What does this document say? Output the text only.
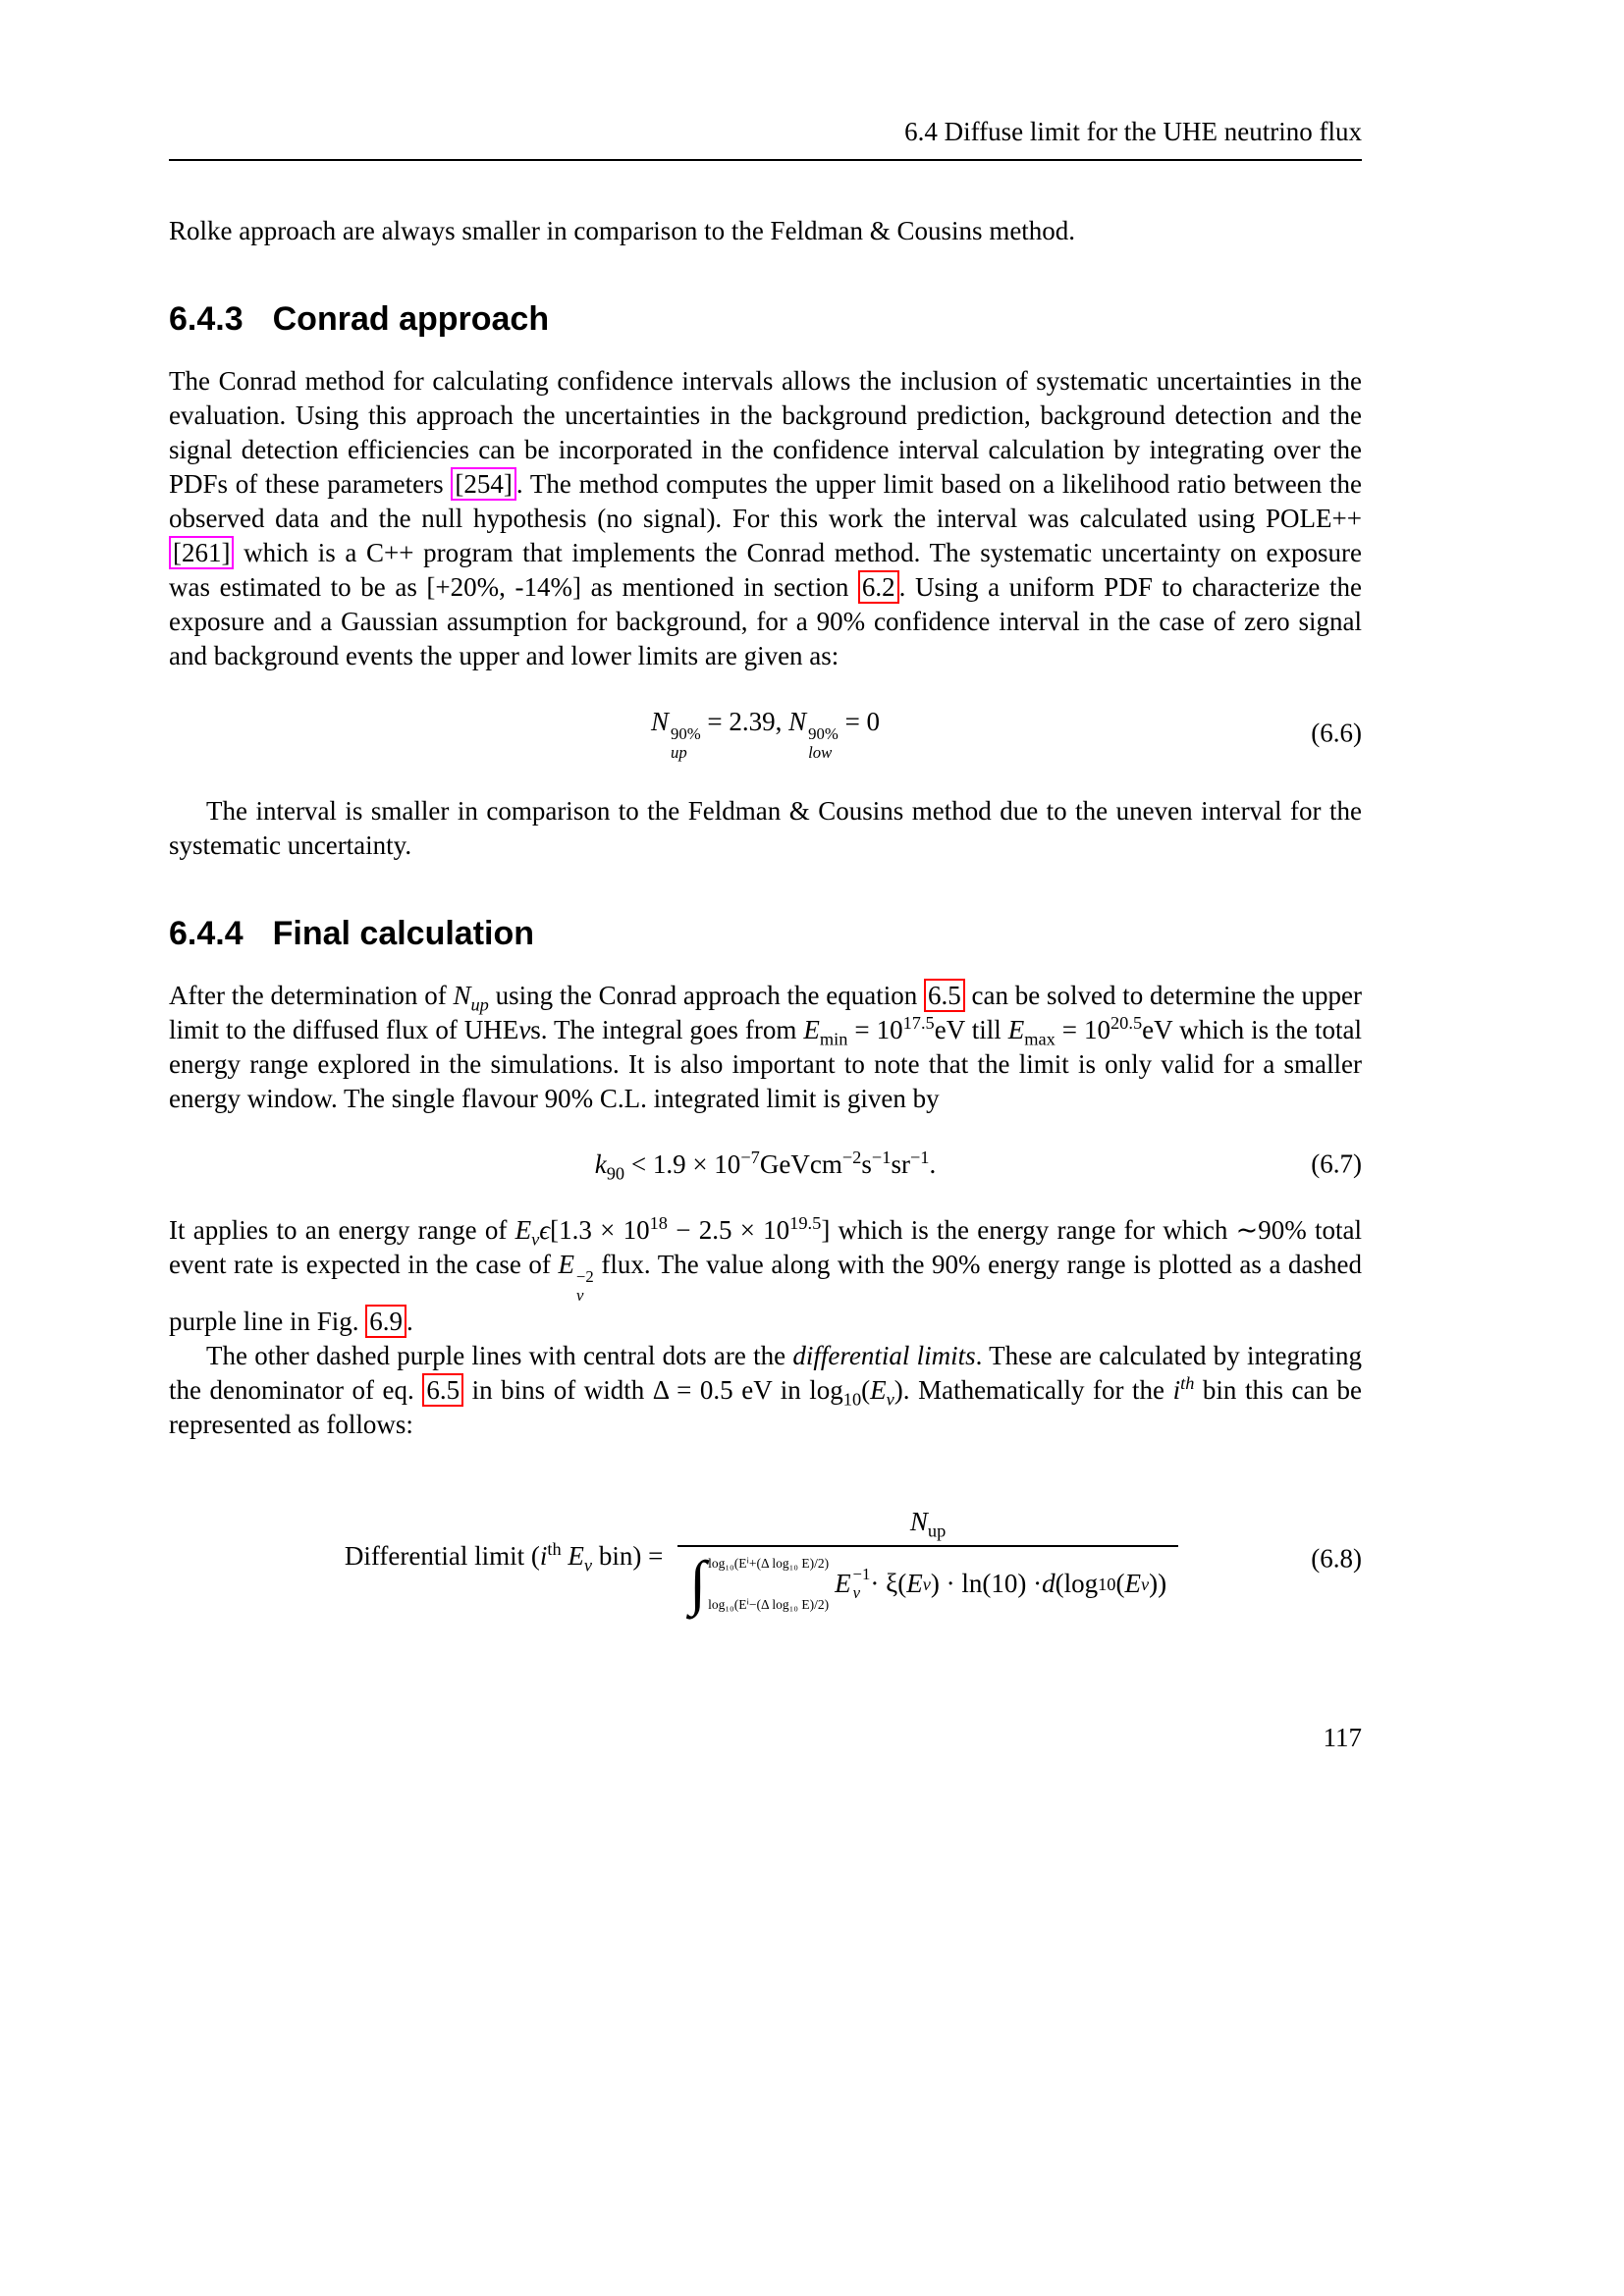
6.4 Diffuse limit for the UHE neutrino flux

Rolke approach are always smaller in comparison to the Feldman & Cousins method.

6.4.3 Conrad approach

The Conrad method for calculating confidence intervals allows the inclusion of systematic uncertainties in the evaluation. Using this approach the uncertainties in the background prediction, background detection and the signal detection efficiencies can be incorporated in the confidence interval calculation by integrating over the PDFs of these parameters [254] . The method computes the upper limit based on a likelihood ratio between the observed data and the null hypothesis (no signal). For this work the interval was calculated using POLE++ [261] which is a C++ program that implements the Conrad method. The systematic uncertainty on exposure was estimated to be as [+20%, -14%] as mentioned in section 6.2 . Using a uniform PDF to characterize the exposure and a Gaussian assumption for background, for a 90% confidence interval in the case of zero signal and background events the upper and lower limits are given as:

N 90%
up
= 2.39, N 90%
low
= 0	(6.6)

The interval is smaller in comparison to the Feldman & Cousins method due to the uneven interval for the systematic uncertainty.

6.4.4 Final calculation

After the determination of $N_{up}$ using the Conrad approach the equation 6.5 can be solved to determine the upper limit to the diffused flux of UHEνs. The integral goes from $E_{min} = 10^{17.5}eV$ till $E_{max} = 10^{20.5}eV$ which is the total energy range explored in the simulations. It is also important to note that the limit is only valid for a smaller energy window. The single flavour 90% C.L. integrated limit is given by

$k_{90} < 1.9$ × $10^{-7}GeVcm^{-2}s^{-1}sr^{-1}$.	(6.7)

It applies to an energy range of $E_\nu\epsilon[1.3 \times 10^{18} - 2.5 \times 10^{19.5}]$ which is the energy range for which ∼90% total event rate is expected in the case of E −2
ν
flux. The value along with the 90% energy range is plotted as a dashed purple line in Fig. 6.9 .

The other dashed purple lines with central dots are the differential limits. These are calculated by integrating the denominator of eq. 6.5 in bins of width Δ = 0.5 eV in $\log_{10}(E_\nu)$. Mathematically for the $i^{th}$ bin this can be represented as follows:

Differential limit ($i^{th}$ $E_\nu$ bin) =
$N_{up}$
∫ log₁₀(Eⁱ+(Δ log₁₀ E)/2)
log₁₀(Eⁱ−(Δ log₁₀ E)/2)
E −1
ν · ξ( E ν ) · ln(10) · d (log 10 ( E ν ))
(6.8)
117
